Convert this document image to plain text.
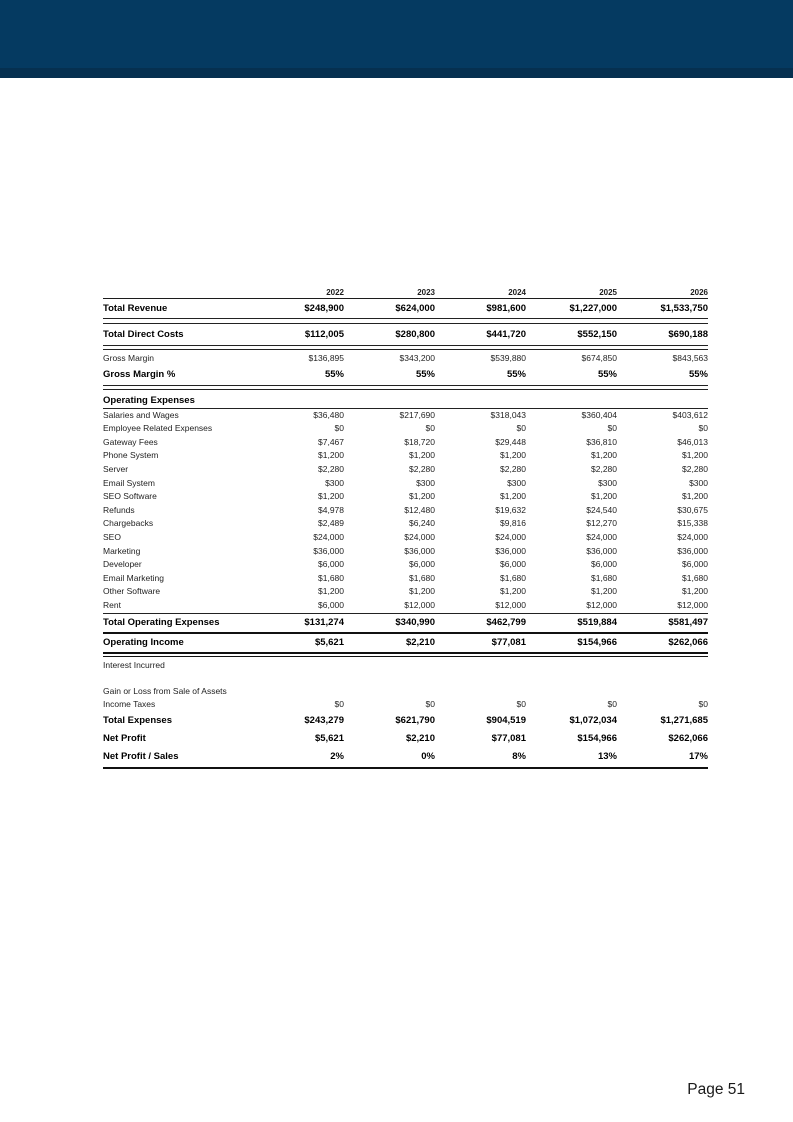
2022	2023	2024	2025	2026
Total Revenue	$248,900	$624,000	$981,600	$1,227,000	$1,533,750
Total Direct Costs	$112,005	$280,800	$441,720	$552,150	$690,188
Gross Margin	$136,895	$343,200	$539,880	$674,850	$843,563
Gross Margin %	55%	55%	55%	55%	55%
Operating Expenses
Salaries and Wages	$36,480	$217,690	$318,043	$360,404	$403,612
Employee Related Expenses	$0	$0	$0	$0	$0
Gateway Fees	$7,467	$18,720	$29,448	$36,810	$46,013
Phone System	$1,200	$1,200	$1,200	$1,200	$1,200
Server	$2,280	$2,280	$2,280	$2,280	$2,280
Email System	$300	$300	$300	$300	$300
SEO Software	$1,200	$1,200	$1,200	$1,200	$1,200
Refunds	$4,978	$12,480	$19,632	$24,540	$30,675
Chargebacks	$2,489	$6,240	$9,816	$12,270	$15,338
SEO	$24,000	$24,000	$24,000	$24,000	$24,000
Marketing	$36,000	$36,000	$36,000	$36,000	$36,000
Developer	$6,000	$6,000	$6,000	$6,000	$6,000
Email Marketing	$1,680	$1,680	$1,680	$1,680	$1,680
Other Software	$1,200	$1,200	$1,200	$1,200	$1,200
Rent	$6,000	$12,000	$12,000	$12,000	$12,000
Total Operating Expenses	$131,274	$340,990	$462,799	$519,884	$581,497
Operating Income	$5,621	$2,210	$77,081	$154,966	$262,066
Interest Incurred
Gain or Loss from Sale of Assets
Income Taxes	$0	$0	$0	$0	$0
Total Expenses	$243,279	$621,790	$904,519	$1,072,034	$1,271,685
Net Profit	$5,621	$2,210	$77,081	$154,966	$262,066
Net Profit / Sales	2%	0%	8%	13%	17%
Page 51
